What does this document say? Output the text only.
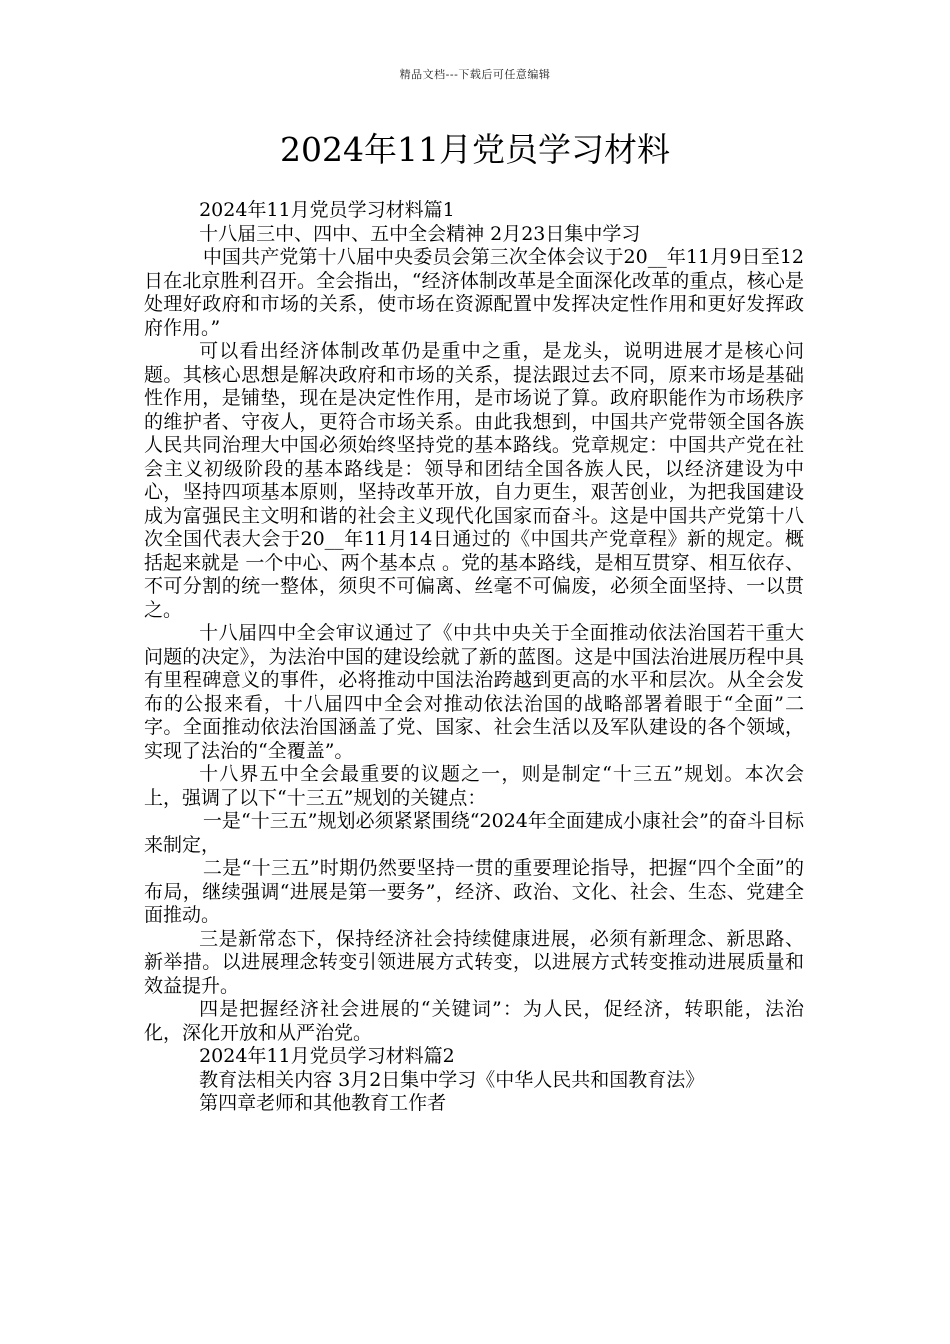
精品文档---下载后可任意编辑
2024年11月党员学习材料

2024年11月党员学习材料篇1

十八届三中、四中、五中全会精神 2月23日集中学习

中国共产党第十八届中央委员会第三次全体会议于20__年11月9日至12日在北京胜利召开。全会指出，“经济体制改革是全面深化改革的重点，核心是处理好政府和市场的关系，使市场在资源配置中发挥决定性作用和更好发挥政府作用。”

可以看出经济体制改革仍是重中之重，是龙头，说明进展才是核心问题。其核心思想是解决政府和市场的关系，提法跟过去不同，原来市场是基础性作用，是铺垫，现在是决定性作用，是市场说了算。政府职能作为市场秩序的维护者、守夜人，更符合市场关系。由此我想到，中国共产党带领全国各族人民共同治理大中国必须始终坚持党的基本路线。党章规定：中国共产党在社会主义初级阶段的基本路线是：领导和团结全国各族人民，以经济建设为中心，坚持四项基本原则，坚持改革开放，自力更生，艰苦创业，为把我国建设成为富强民主文明和谐的社会主义现代化国家而奋斗。这是中国共产党第十八次全国代表大会于20__年11月14日通过的《中国共产党章程》新的规定。概括起来就是 一个中心、两个基本点 。党的基本路线，是相互贯穿、相互依存、不可分割的统一整体，须臾不可偏离、丝毫不可偏废，必须全面坚持、一以贯之。

十八届四中全会审议通过了《中共中央关于全面推动依法治国若干重大问题的决定》，为法治中国的建设绘就了新的蓝图。这是中国法治进展历程中具有里程碑意义的事件，必将推动中国法治跨越到更高的水平和层次。从全会发布的公报来看，十八届四中全会对推动依法治国的战略部署着眼于“全面”二字。全面推动依法治国涵盖了党、国家、社会生活以及军队建设的各个领域，实现了法治的“全覆盖”。

十八界五中全会最重要的议题之一，则是制定“十三五”规划。本次会上，强调了以下“十三五”规划的关键点：

一是“十三五”规划必须紧紧围绕“2024年全面建成小康社会”的奋斗目标来制定，

二是“十三五”时期仍然要坚持一贯的重要理论指导，把握“四个全面”的布局，继续强调“进展是第一要务”，经济、政治、文化、社会、生态、党建全面推动。

三是新常态下，保持经济社会持续健康进展，必须有新理念、新思路、新举措。以进展理念转变引领进展方式转变，以进展方式转变推动进展质量和效益提升。

四是把握经济社会进展的“关键词”：为人民，促经济，转职能，法治化，深化开放和从严治党。

2024年11月党员学习材料篇2

教育法相关内容 3月2日集中学习《中华人民共和国教育法》

第四章老师和其他教育工作者
